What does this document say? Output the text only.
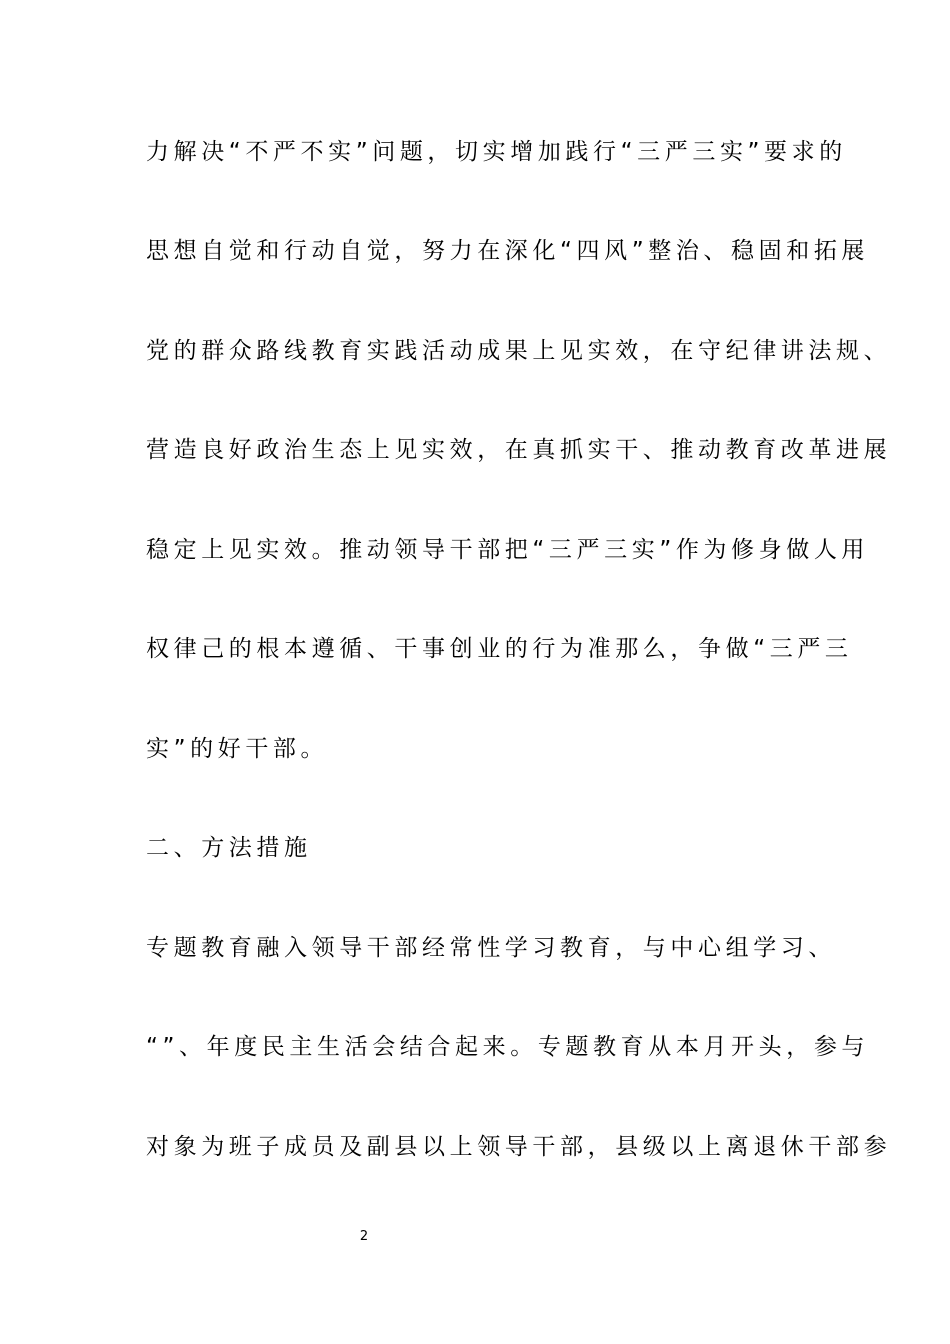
力解决“不严不实”问题，切实增加践行“三严三实”要求的
思想自觉和行动自觉，努力在深化“四风”整治、稳固和拓展
党的群众路线教育实践活动成果上见实效，在守纪律讲法规、
营造良好政治生态上见实效，在真抓实干、推动教育改革进展
稳定上见实效。推动领导干部把“三严三实”作为修身做人用
权律己的根本遵循、干事创业的行为准那么，争做“三严三
实”的好干部。
二、方法措施
专题教育融入领导干部经常性学习教育，与中心组学习、
“”、年度民主生活会结合起来。专题教育从本月开头，参与
对象为班子成员及副县以上领导干部，县级以上离退休干部参
2
